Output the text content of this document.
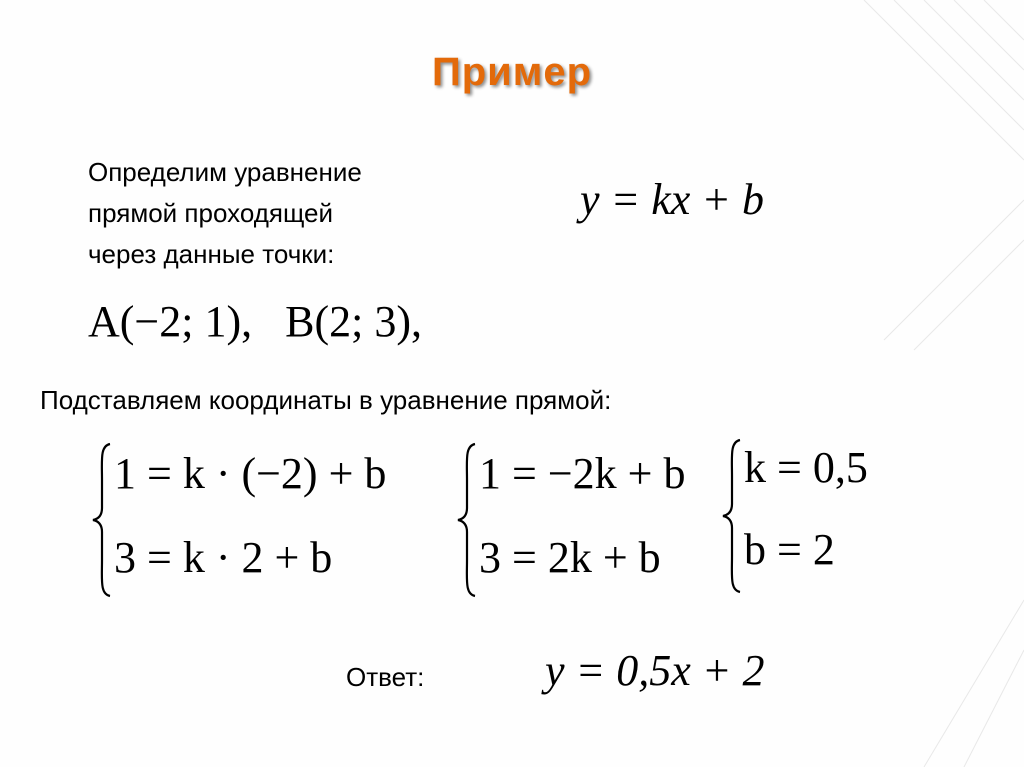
Пример
Определим уравнение
прямой проходящей
через данные точки:
y = kx + b
A(−2; 1), B(2; 3),
Подставляем координаты в уравнение прямой:
1 = k · (−2) + b
3 = k · 2 + b
1 = −2k + b
3 = 2k + b
k = 0,5
b = 2
Ответ:	y = 0,5x + 2
